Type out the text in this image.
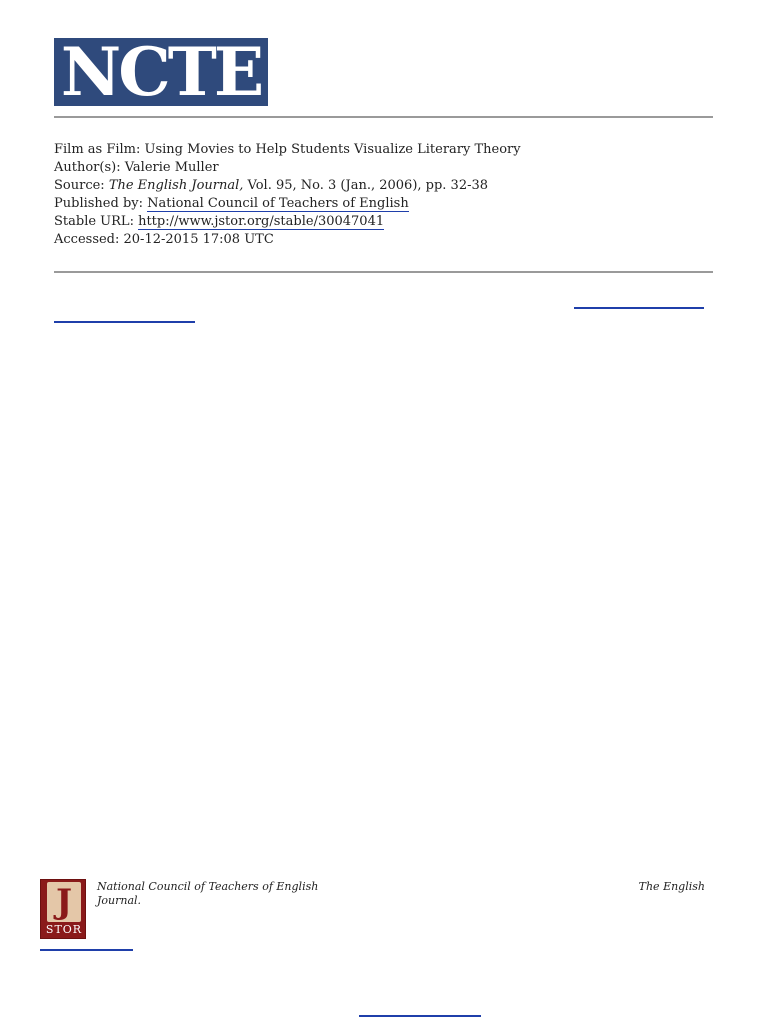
NCTE
Film as Film: Using Movies to Help Students Visualize Literary Theory
Author(s): Valerie Muller
Source: The English Journal, Vol. 95, No. 3 (Jan., 2006), pp. 32-38
Published by: National Council of Teachers of English
Stable URL: http://www.jstor.org/stable/30047041
Accessed: 20-12-2015 17:08 UTC
J
STOR
National Council of Teachers of English
Journal.
The English
